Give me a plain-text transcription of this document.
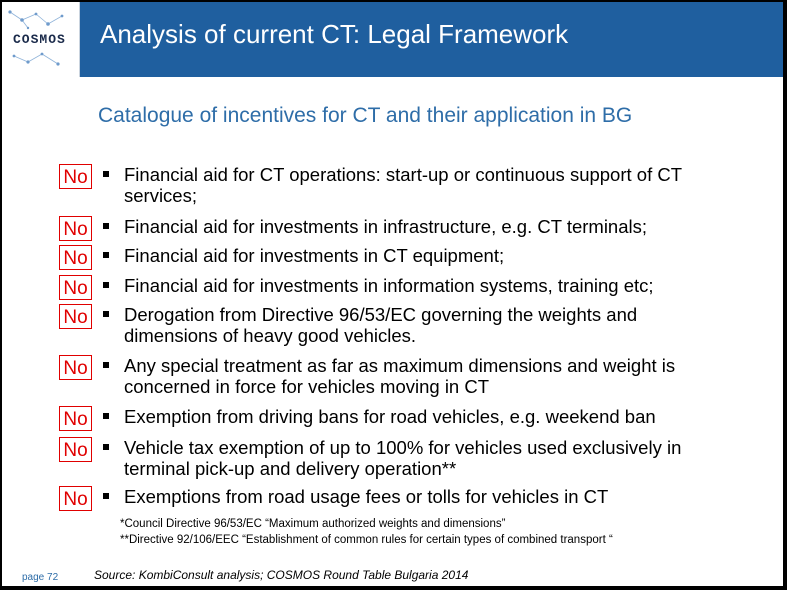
COSMOS Analysis of current CT: Legal Framework
Catalogue of incentives for CT and their application in BG
No Financial aid for CT operations: start-up or continuous support of CT services;
No Financial aid for investments in infrastructure, e.g. CT terminals;
No Financial aid for investments in CT equipment;
No Financial aid for investments in information systems, training etc;
No Derogation from Directive 96/53/EC governing the weights and dimensions of heavy good vehicles.
No Any special treatment as far as maximum dimensions and weight is concerned in force for vehicles moving in CT
No Exemption from driving bans for road vehicles, e.g. weekend ban
No Vehicle tax exemption of up to 100% for vehicles used exclusively in terminal pick-up and delivery operation**
No Exemptions from road usage fees or tolls for vehicles in CT
*Council Directive 96/53/EC “Maximum authorized weights and dimensions”
**Directive 92/106/EEC “Establishment of common rules for certain types of combined transport “
page 72	Source: KombiConsult analysis; COSMOS Round Table Bulgaria 2014
